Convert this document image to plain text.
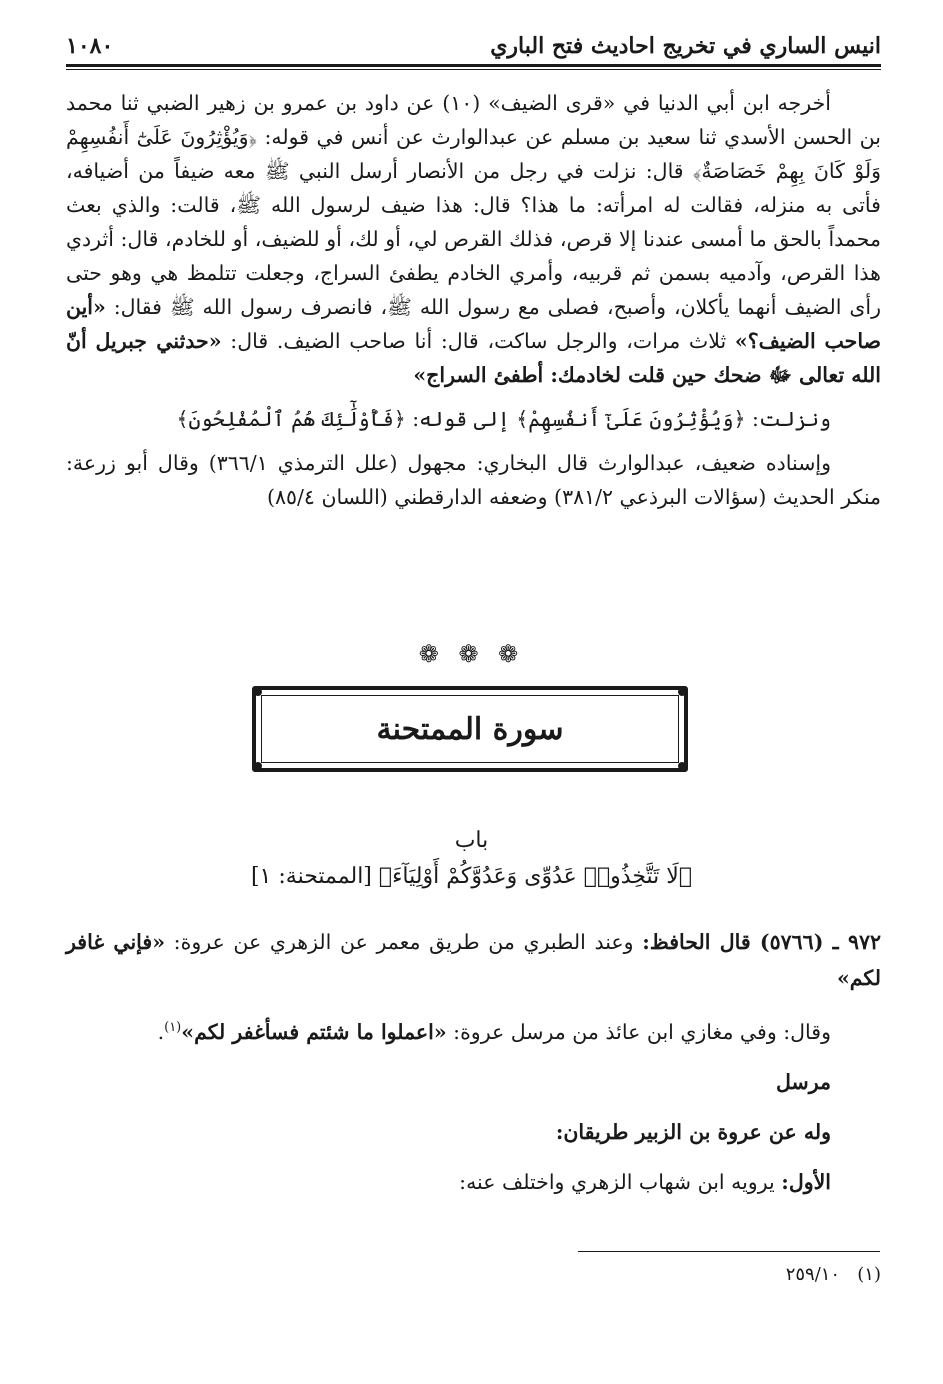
انيس الساري في تخريج احاديث فتح الباري
١٠٨٠

أخرجه ابن أبي الدنيا في «قرى الضيف» (١٠) عن داود بن عمرو بن زهير الضبي ثنا محمد بن الحسن الأسدي ثنا سعيد بن مسلم عن عبدالوارث عن أنس في قوله: ﴿وَيُؤْثِرُونَ عَلَىٰٓ أَنفُسِهِمْ وَلَوْ كَانَ بِهِمْ خَصَاصَةٌ﴾ قال: نزلت في رجل من الأنصار أرسل النبي ﷺ معه ضيفاً من أضيافه، فأتى به منزله، فقالت له امرأته: ما هذا؟ قال: هذا ضيف لرسول الله ﷺ، قالت: والذي بعث محمداً بالحق ما أمسى عندنا إلا قرص، فذلك القرص لي، أو لك، أو للضيف، أو للخادم، قال: أثردي هذا القرص، وآدميه بسمن ثم قربيه، وأمري الخادم يطفئ السراج، وجعلت تتلمظ هي وهو حتى رأى الضيف أنهما يأكلان، وأصبح، فصلى مع رسول الله ﷺ، فانصرف رسول الله ﷺ فقال: «أين صاحب الضيف؟» ثلاث مرات، والرجل ساكت، قال: أنا صاحب الضيف. قال: «حدثني جبريل أنّ الله تعالى ﷻ ضحك حين قلت لخادمك: أطفئ السراج»

ونزلت: ﴿وَيُؤْثِرُونَ عَلَىٰٓ أَنفُسِهِمْ﴾ إلى قوله: ﴿فَأُوْلَٰٓئِكَ هُمُ ٱلْمُفْلِحُونَ﴾

وإسناده ضعيف، عبدالوارث قال البخاري: مجهول (علل الترمذي ٣٦٦/١) وقال أبو زرعة: منكر الحديث (سؤالات البرذعي ٣٨١/٢) وضعفه الدارقطني (اللسان ٨٥/٤)

❁ ❁ ❁
سورة الممتحنة
باب
﴿لَا تَتَّخِذُوا۟ عَدُوِّى وَعَدُوَّكُمْ أَوْلِيَآءَ﴾ [الممتحنة: ١]

٩٧٢ ـ (٥٧٦٦) قال الحافظ: وعند الطبري من طريق معمر عن الزهري عن عروة: «فإني غافر لكم»

وقال: وفي مغازي ابن عائذ من مرسل عروة: «اعملوا ما شئتم فسأغفر لكم»$^{(١)}$.

مرسل

وله عن عروة بن الزبير طريقان:

الأول: يرويه ابن شهاب الزهري واختلف عنه:

(١)   ٢٥٩/١٠
